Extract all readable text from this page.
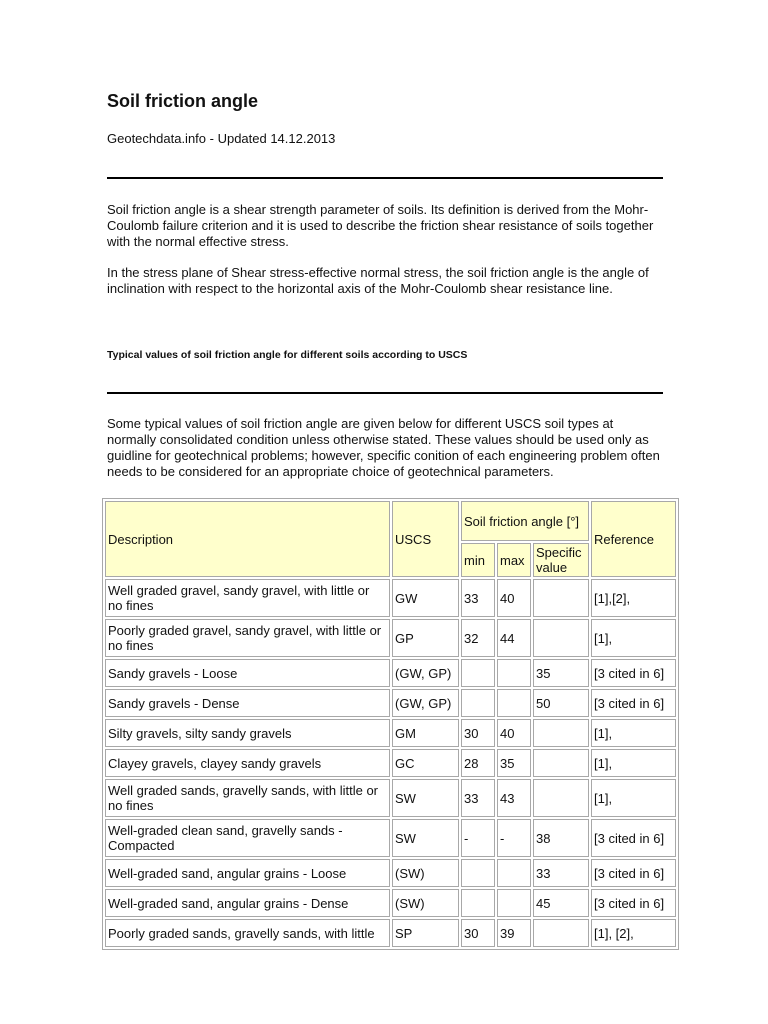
Soil friction angle
Geotechdata.info - Updated 14.12.2013

Soil friction angle is a shear strength parameter of soils. Its definition is derived from the Mohr-Coulomb failure criterion and it is used to describe the friction shear resistance of soils together with the normal effective stress.

In the stress plane of Shear stress-effective normal stress, the soil friction angle is the angle of inclination with respect to the horizontal axis of the Mohr-Coulomb shear resistance line.

Typical values of soil friction angle for different soils according to USCS

Some typical values of soil friction angle are given below for different USCS soil types at normally consolidated condition unless otherwise stated. These values should be used only as guidline for geotechnical problems; however, specific conition of each engineering problem often needs to be considered for an appropriate choice of geotechnical parameters.

Description	USCS	Soil friction angle [°]			Reference
		min	max	Specific value	
Well graded gravel, sandy gravel, with little or no fines	GW	33	40		[1],[2],
Poorly graded gravel, sandy gravel, with little or no fines	GP	32	44		[1],
Sandy gravels - Loose	(GW, GP)			35	[3 cited in 6]
Sandy gravels - Dense	(GW, GP)			50	[3 cited in 6]
Silty gravels, silty sandy gravels	GM	30	40		[1],
Clayey gravels, clayey sandy gravels	GC	28	35		[1],
Well graded sands, gravelly sands, with little or no fines	SW	33	43		[1],
Well-graded clean sand, gravelly sands - Compacted	SW	-	-	38	[3 cited in 6]
Well-graded sand, angular grains - Loose	(SW)			33	[3 cited in 6]
Well-graded sand, angular grains - Dense	(SW)			45	[3 cited in 6]
Poorly graded sands, gravelly sands, with little	SP	30	39		[1], [2],
